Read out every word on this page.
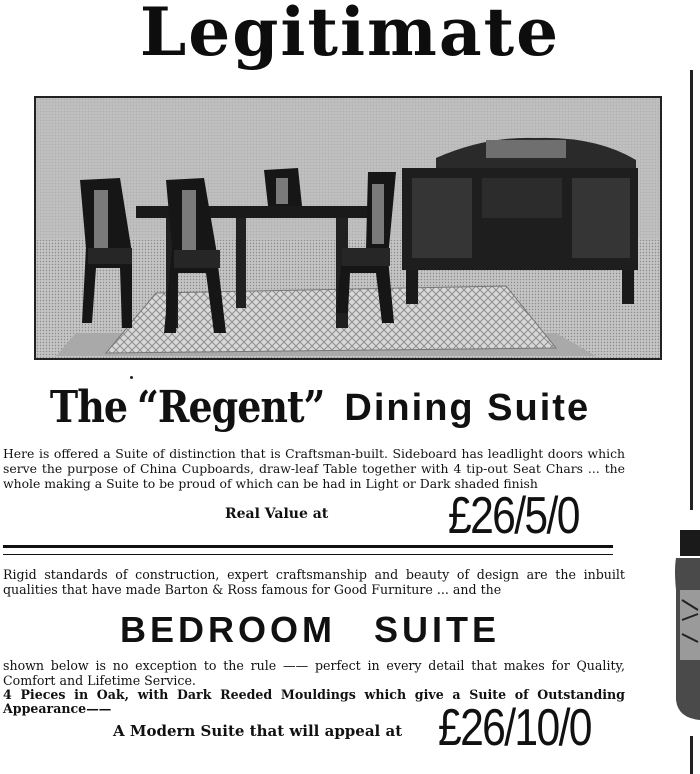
Legitimate
The “Regent” Dining Suite

Here is offered a Suite of distinction that is Craftsman-built. Sideboard has leadlight doors which serve the purpose of China Cupboards, draw-leaf Table together with 4 tip-out Seat Chars ... the whole making a Suite to be proud of which can be had in Light or Dark shaded finish

Real Value at £26/5/0

Rigid standards of construction, expert craftsmanship and beauty of design are the inbuilt qualities that have made Barton & Ross famous for Good Furniture ... and the

BEDROOM SUITE

shown below is no exception to the rule —— perfect in every detail that makes for Quality, Comfort and Lifetime Service.

4 Pieces in Oak, with Dark Reeded Mouldings which give a Suite of Outstanding Appearance——

A Modern Suite that will appeal at £26/10/0
